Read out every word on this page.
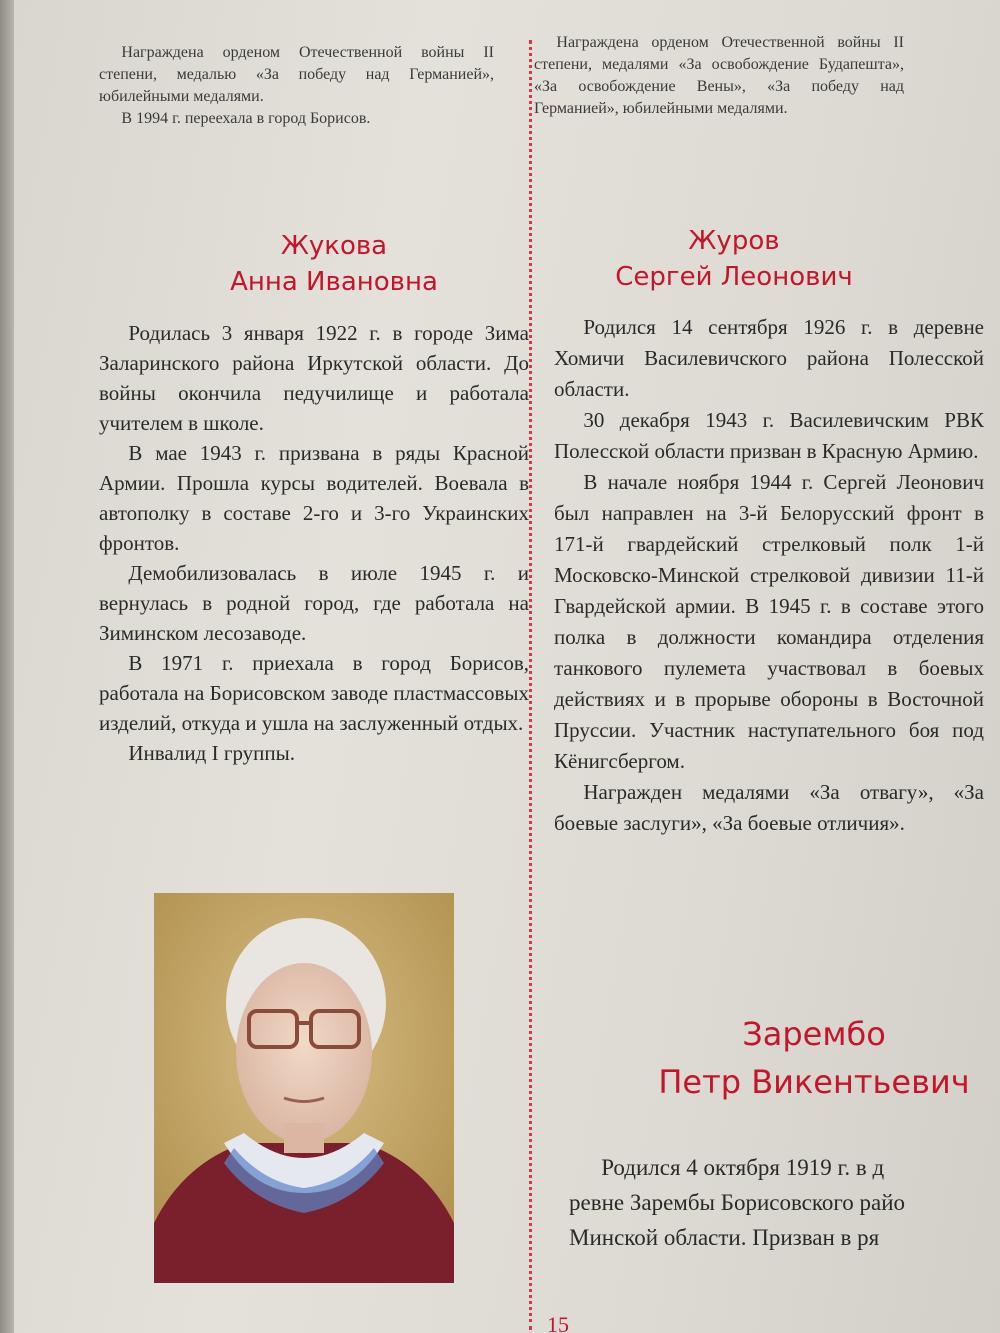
Награждена орденом Отечественной войны II степени, медалью «За победу над Германией», юбилейными медалями.

В 1994 г. переехала в город Борисов.

Награждена орденом Отечественной войны II степени, медалями «За освобождение Будапешта», «За освобождение Вены», «За победу над Германией», юбилейными медалями.

Жукова
Анна Ивановна

Родилась 3 января 1922 г. в городе Зима Заларинского района Иркутской области. До войны окончила педучилище и работала учителем в школе.

В мае 1943 г. призвана в ряды Красной Армии. Прошла курсы водителей. Воевала в автополку в составе 2-го и 3-го Украинских фронтов.

Демобилизовалась в июле 1945 г. и вернулась в родной город, где работала на Зиминском лесозаводе.

В 1971 г. приехала в город Борисов, работала на Борисовском заводе пластмассовых изделий, откуда и ушла на заслуженный отдых.

Инвалид I группы.

Журов
Сергей Леонович

Родился 14 сентября 1926 г. в деревне Хомичи Василевичского района Полесской области.

30 декабря 1943 г. Василевичским РВК Полесской области призван в Красную Армию.

В начале ноября 1944 г. Сергей Леонович был направлен на 3-й Белорусский фронт в 171-й гвардейский стрелковый полк 1-й Московско-Минской стрелковой дивизии 11-й Гвардейской армии. В 1945 г. в составе этого полка в должности командира отделения танкового пулемета участвовал в боевых действиях и в прорыве обороны в Восточной Пруссии. Участник наступательного боя под Кёнигсбергом.

Награжден медалями «За отвагу», «За боевые заслуги», «За боевые отличия».

Зарембо
Петр Викентьевич

Родился 4 октября 1919 г. в д

ревне Зарембы Борисовского райо

Минской области. Призван в ря

15
